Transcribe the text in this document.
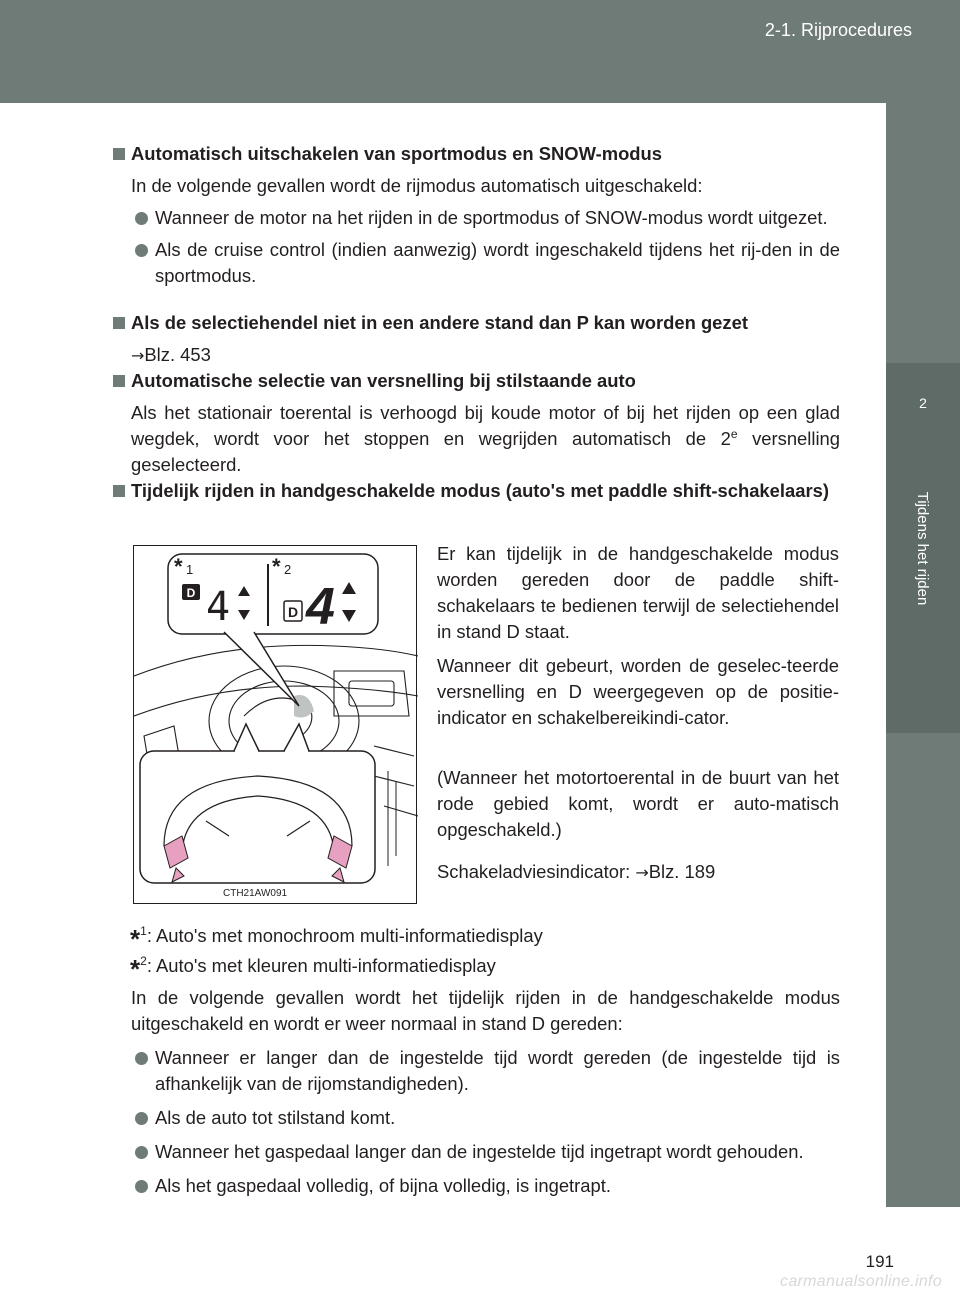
2-1. Rijprocedures
2
Tijdens het rijden
Automatisch uitschakelen van sportmodus en SNOW-modus
In de volgende gevallen wordt de rijmodus automatisch uitgeschakeld:
Wanneer de motor na het rijden in de sportmodus of SNOW-modus wordt uitgezet.
Als de cruise control (indien aanwezig) wordt ingeschakeld tijdens het rij-den in de sportmodus.
Als de selectiehendel niet in een andere stand dan P kan worden gezet
→Blz. 453
Automatische selectie van versnelling bij stilstaande auto
Als het stationair toerental is verhoogd bij koude motor of bij het rijden op een glad wegdek, wordt voor het stoppen en wegrijden automatisch de 2e versnelling geselecteerd.
Tijdelijk rijden in handgeschakelde modus (auto's met paddle shift-schakelaars)
* 1	* 2
D 4	D 4
CTH21AW091
Er kan tijdelijk in de handgeschakelde modus worden gereden door de paddle shift-schakelaars te bedienen terwijl de selectiehendel in stand D staat.
Wanneer dit gebeurt, worden de geselec-teerde versnelling en D weergegeven op de positie-indicator en schakelbereikindi-cator.
(Wanneer het motortoerental in de buurt van het rode gebied komt, wordt er auto-matisch opgeschakeld.)
Schakeladviesindicator: →Blz. 189
*$^1$: Auto's met monochroom multi-informatiedisplay
*$^2$: Auto's met kleuren multi-informatiedisplay
In de volgende gevallen wordt het tijdelijk rijden in de handgeschakelde modus uitgeschakeld en wordt er weer normaal in stand D gereden:
Wanneer er langer dan de ingestelde tijd wordt gereden (de ingestelde tijd is afhankelijk van de rijomstandigheden).
Als de auto tot stilstand komt.
Wanneer het gaspedaal langer dan de ingestelde tijd ingetrapt wordt gehouden.
Als het gaspedaal volledig, of bijna volledig, is ingetrapt.
191
carmanualsonline.info
